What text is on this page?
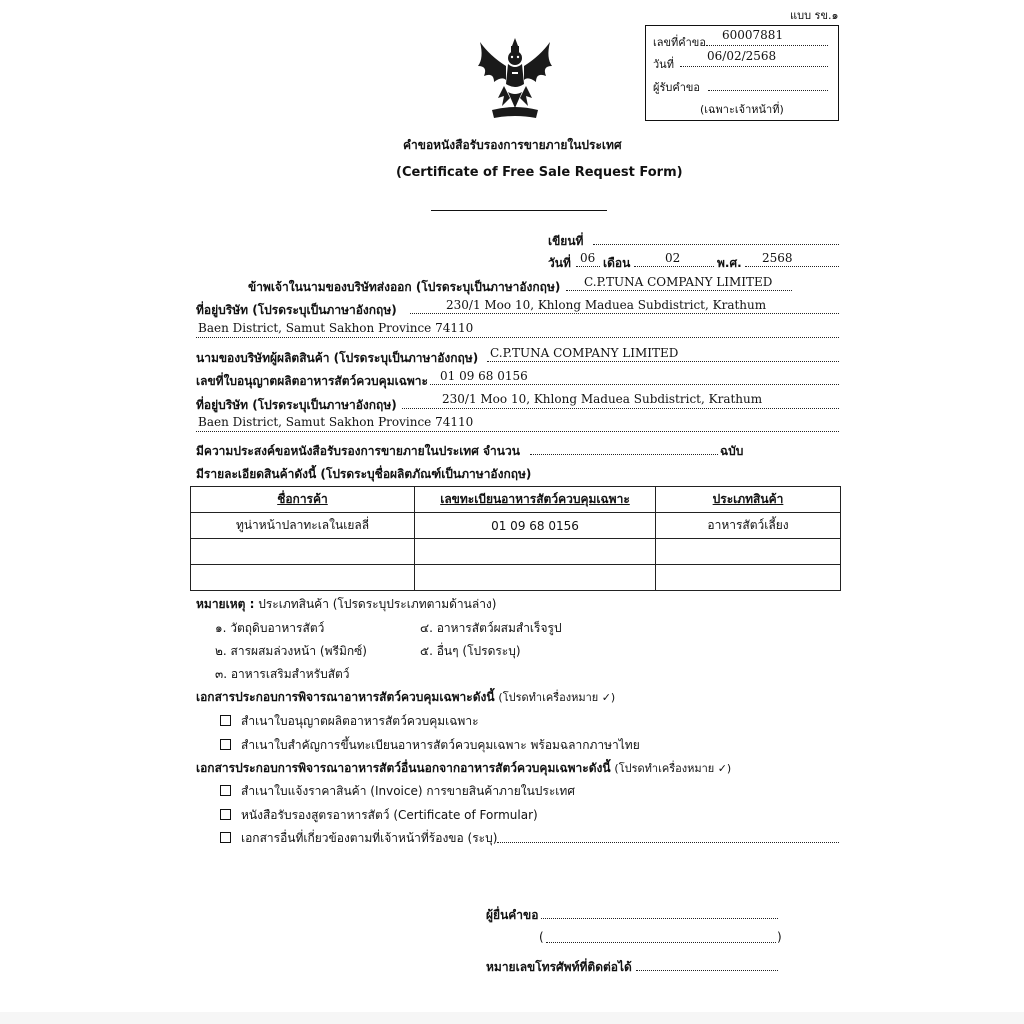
แบบ รข.๑
เลขที่คำขอ
60007881
วันที่
06/02/2568
ผู้รับคำขอ
(เฉพาะเจ้าหน้าที่)
คำขอหนังสือรับรองการขายภายในประเทศ
(Certificate of Free Sale Request Form)
เขียนที่
วันที่ 06 เดือน	02	พ.ศ. 2568
ข้าพเจ้าในนามของบริษัทส่งออก (โปรดระบุเป็นภาษาอังกฤษ) C.P.TUNA COMPANY LIMITED
ที่อยู่บริษัท (โปรดระบุเป็นภาษาอังกฤษ)	230/1 Moo 10, Khlong Maduea Subdistrict, Krathum
Baen District, Samut Sakhon Province 74110
นามของบริษัทผู้ผลิตสินค้า (โปรดระบุเป็นภาษาอังกฤษ) C.P.TUNA COMPANY LIMITED
เลขที่ใบอนุญาตผลิตอาหารสัตว์ควบคุมเฉพาะ 01 09 68 0156
ที่อยู่บริษัท (โปรดระบุเป็นภาษาอังกฤษ)	230/1 Moo 10, Khlong Maduea Subdistrict, Krathum
Baen District, Samut Sakhon Province 74110
มีความประสงค์ขอหนังสือรับรองการขายภายในประเทศ จำนวน	ฉบับ
มีรายละเอียดสินค้าดังนี้ (โปรดระบุชื่อผลิตภัณฑ์เป็นภาษาอังกฤษ)
ชื่อการค้า	เลขทะเบียนอาหารสัตว์ควบคุมเฉพาะ	ประเภทสินค้า
ทูน่าหน้าปลาทะเลในเยลลี่	01 09 68 0156	อาหารสัตว์เลี้ยง

หมายเหตุ : ประเภทสินค้า (โปรดระบุประเภทตามด้านล่าง)
๑. วัตถุดิบอาหารสัตว์	๔. อาหารสัตว์ผสมสำเร็จรูป
๒. สารผสมล่วงหน้า (พรีมิกซ์)	๕. อื่นๆ (โปรดระบุ)
๓. อาหารเสริมสำหรับสัตว์
เอกสารประกอบการพิจารณาอาหารสัตว์ควบคุมเฉพาะดังนี้ (โปรดทำเครื่องหมาย ✓)
สำเนาใบอนุญาตผลิตอาหารสัตว์ควบคุมเฉพาะ
สำเนาใบสำคัญการขึ้นทะเบียนอาหารสัตว์ควบคุมเฉพาะ พร้อมฉลากภาษาไทย
เอกสารประกอบการพิจารณาอาหารสัตว์อื่นนอกจากอาหารสัตว์ควบคุมเฉพาะดังนี้ (โปรดทำเครื่องหมาย ✓)
สำเนาใบแจ้งราคาสินค้า (Invoice) การขายสินค้าภายในประเทศ
หนังสือรับรองสูตรอาหารสัตว์ (Certificate of Formular)
เอกสารอื่นที่เกี่ยวข้องตามที่เจ้าหน้าที่ร้องขอ (ระบุ)
ผู้ยื่นคำขอ
(	)
หมายเลขโทรศัพท์ที่ติดต่อได้
